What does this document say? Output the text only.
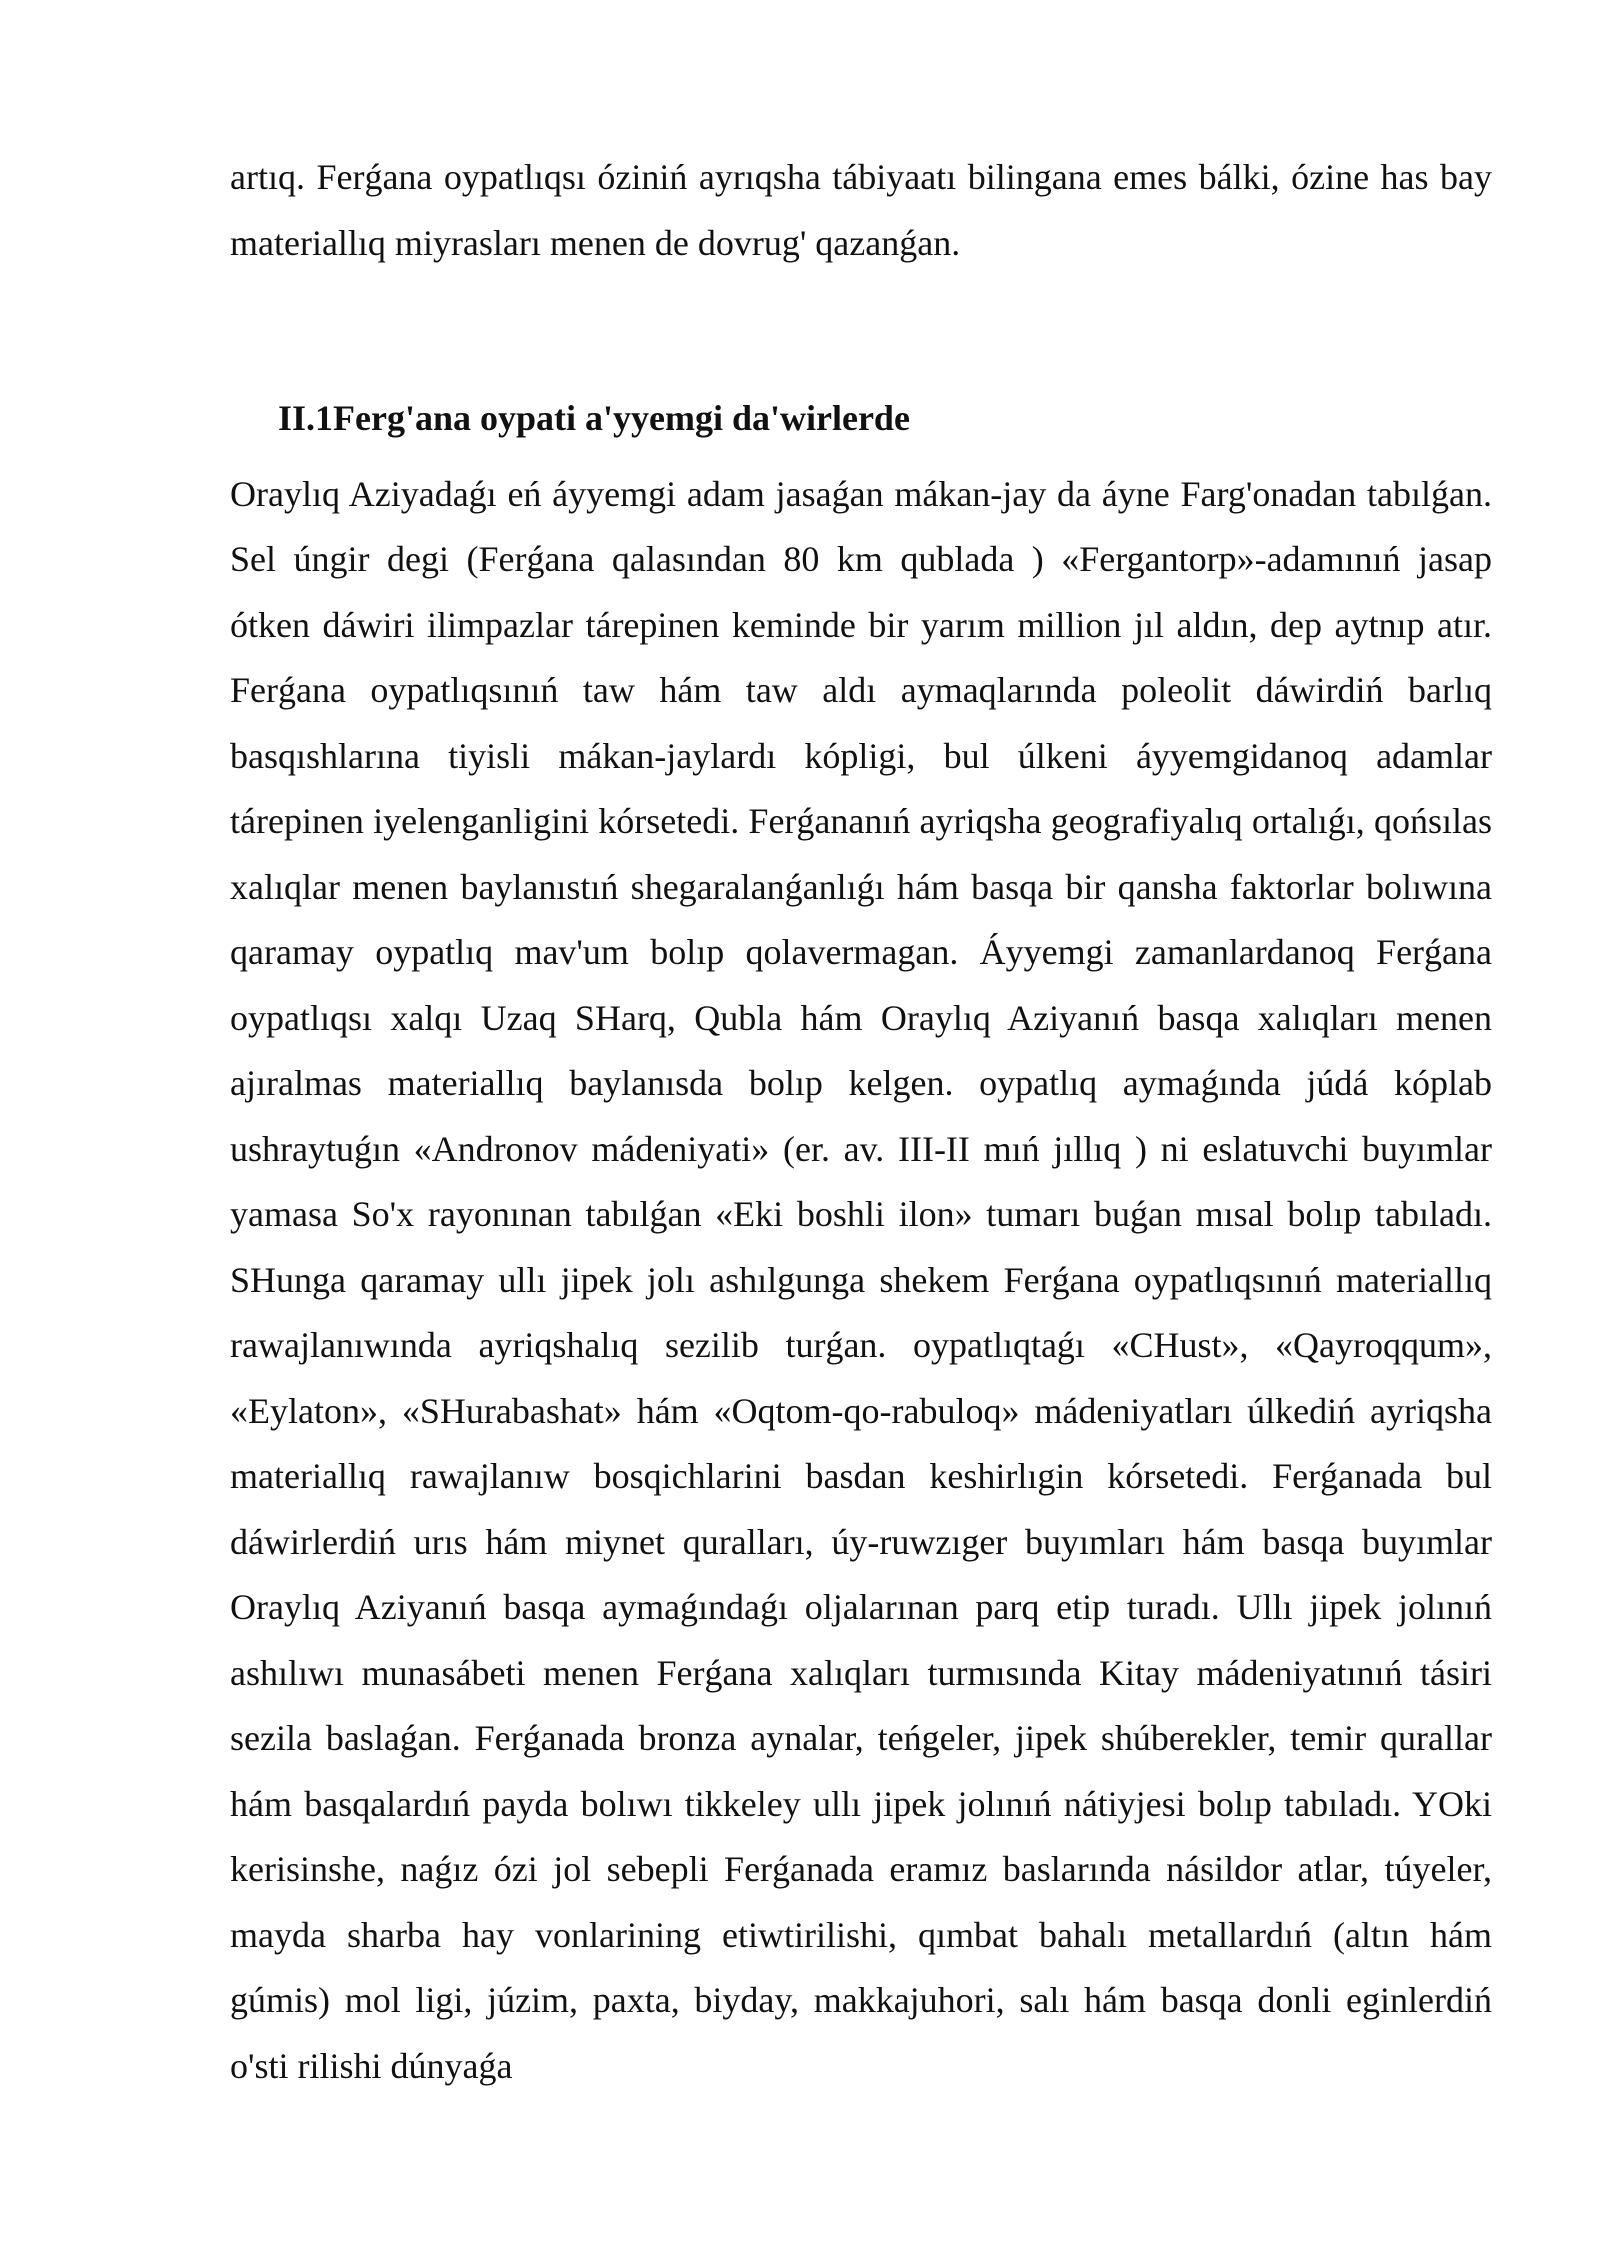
artıq. Ferǵana oypatlıqsı óziniń ayrıqsha tábiyaatı bilingana emes bálki, ózine has bay materiallıq miyrasları menen de dovrug' qazanǵan.

II.1Ferg'ana oypati a'yyemgi da'wirlerde

Oraylıq Aziyadaǵı eń áyyemgi adam jasaǵan mákan-jay da áyne Farg'onadan tabılǵan. Sel úngir degi (Ferǵana qalasından 80 km qublada ) «Fergantorp»-adamınıń jasap ótken dáwiri ilimpazlar tárepinen keminde bir yarım million jıl aldın, dep aytnıp atır. Ferǵana oypatlıqsınıń taw hám taw aldı aymaqlarında poleolit dáwirdiń barlıq basqıshlarına tiyisli mákan-jaylardı kópligi, bul úlkeni áyyemgidanoq adamlar tárepinen iyelenganligini kórsetedi. Ferǵananıń ayriqsha geografiyalıq ortalıǵı, qońsılas xalıqlar menen baylanıstıń shegaralanǵanlıǵı hám basqa bir qansha faktorlar bolıwına qaramay oypatlıq mav'um bolıp qolavermagan. Áyyemgi zamanlardanoq Ferǵana oypatlıqsı xalqı Uzaq SHarq, Qubla hám Oraylıq Aziyanıń basqa xalıqları menen ajıralmas materiallıq baylanısda bolıp kelgen. oypatlıq aymaǵında júdá kóplab ushraytuǵın «Andronov mádeniyati» (er. av. III-II mıń jıllıq ) ni eslatuvchi buyımlar yamasa So'x rayonınan tabılǵan «Eki boshli ilon» tumarı buǵan mısal bolıp tabıladı. SHunga qaramay ullı jipek jolı ashılgunga shekem Ferǵana oypatlıqsınıń materiallıq rawajlanıwında ayriqshalıq sezilib turǵan. oypatlıqtaǵı «CHust», «Qayroqqum», «Eylaton», «SHurabashat» hám «Oqtom-qo-rabuloq» mádeniyatları úlkediń ayriqsha materiallıq rawajlanıw bosqichlarini basdan keshirlıgin kórsetedi. Ferǵanada bul dáwirlerdiń urıs hám miynet quralları, úy-ruwzıger buyımları hám basqa buyımlar Oraylıq Aziyanıń basqa aymaǵındaǵı oljalarınan parq etip turadı. Ullı jipek jolınıń ashılıwı munasábeti menen Ferǵana xalıqları turmısında Kitay mádeniyatınıń tásiri sezila baslaǵan. Ferǵanada bronza aynalar, teńgeler, jipek shúberekler, temir qurallar hám basqalardıń payda bolıwı tikkeley ullı jipek jolınıń nátiyjesi bolıp tabıladı. YOki kerisinshe, naǵız ózi jol sebepli Ferǵanada eramız baslarında násildor atlar, túyeler, mayda sharba hay vonlarining etiwtirilishi, qımbat bahalı metallardıń (altın hám gúmis) mol ligi, júzim, paxta, biyday, makkajuhori, salı hám basqa donli eginlerdiń o'sti rilishi dúnyaǵa
